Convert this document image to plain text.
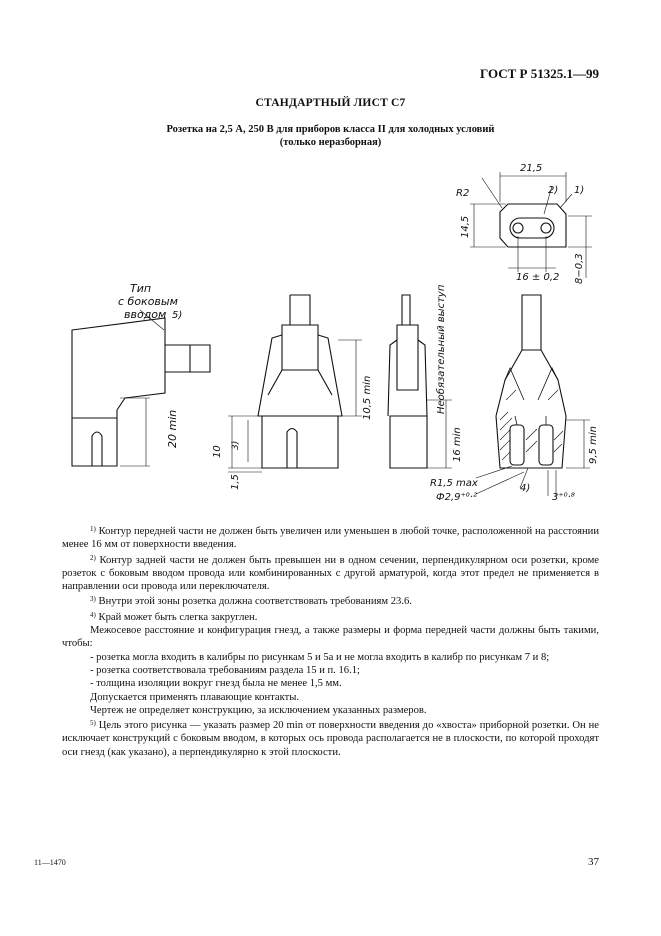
ГОСТ Р 51325.1—99
СТАНДАРТНЫЙ ЛИСТ С7
Розетка на 2,5 А, 250 В для приборов класса II для холодных условий
(только неразборная)
Тип
с боковым
вводом 5)
R2
21,5
2) 1)
16 ± 0,2
14,5
8−0,3
20 min
10,5 min
16 min
10 3)
1,5
Необязательный выступ
9,5 min
R1,5 max
Ф2,9⁺⁰·²
4)
3⁺⁰·⁸

$^{1)}$ Контур передней части не должен быть увеличен или уменьшен в любой точке, расположенной на расстоянии менее 16 мм от поверхности введения.

$^{2)}$ Контур задней части не должен быть превышен ни в одном сечении, перпендикулярном оси розетки, кроме розеток с боковым вводом провода или комбинированных с другой арматурой, когда этот предел не применяется в направлении оси провода или переключателя.

$^{3)}$ Внутри этой зоны розетка должна соответствовать требованиям 23.6.

$^{4)}$ Край может быть слегка закруглен.

Межосевое расстояние и конфигурация гнезд, а также размеры и форма передней части должны быть такими, чтобы:

- розетка могла входить в калибры по рисункам 5 и 5а и не могла входить в калибр по рисункам 7 и 8;

- розетка соответствовала требованиям раздела 15 и п. 16.1;

- толщина изоляции вокруг гнезд была не менее 1,5 мм.

Допускается применять плавающие контакты.

Чертеж не определяет конструкцию, за исключением указанных размеров.

$^{5)}$ Цель этого рисунка — указать размер 20 min от поверхности введения до «хвоста» приборной розетки. Он не исключает конструкций с боковым вводом, в которых ось провода располагается не в плоскости, по которой проходят оси гнезд (как указано), а перпендикулярно к этой плоскости.

11—1470	37
